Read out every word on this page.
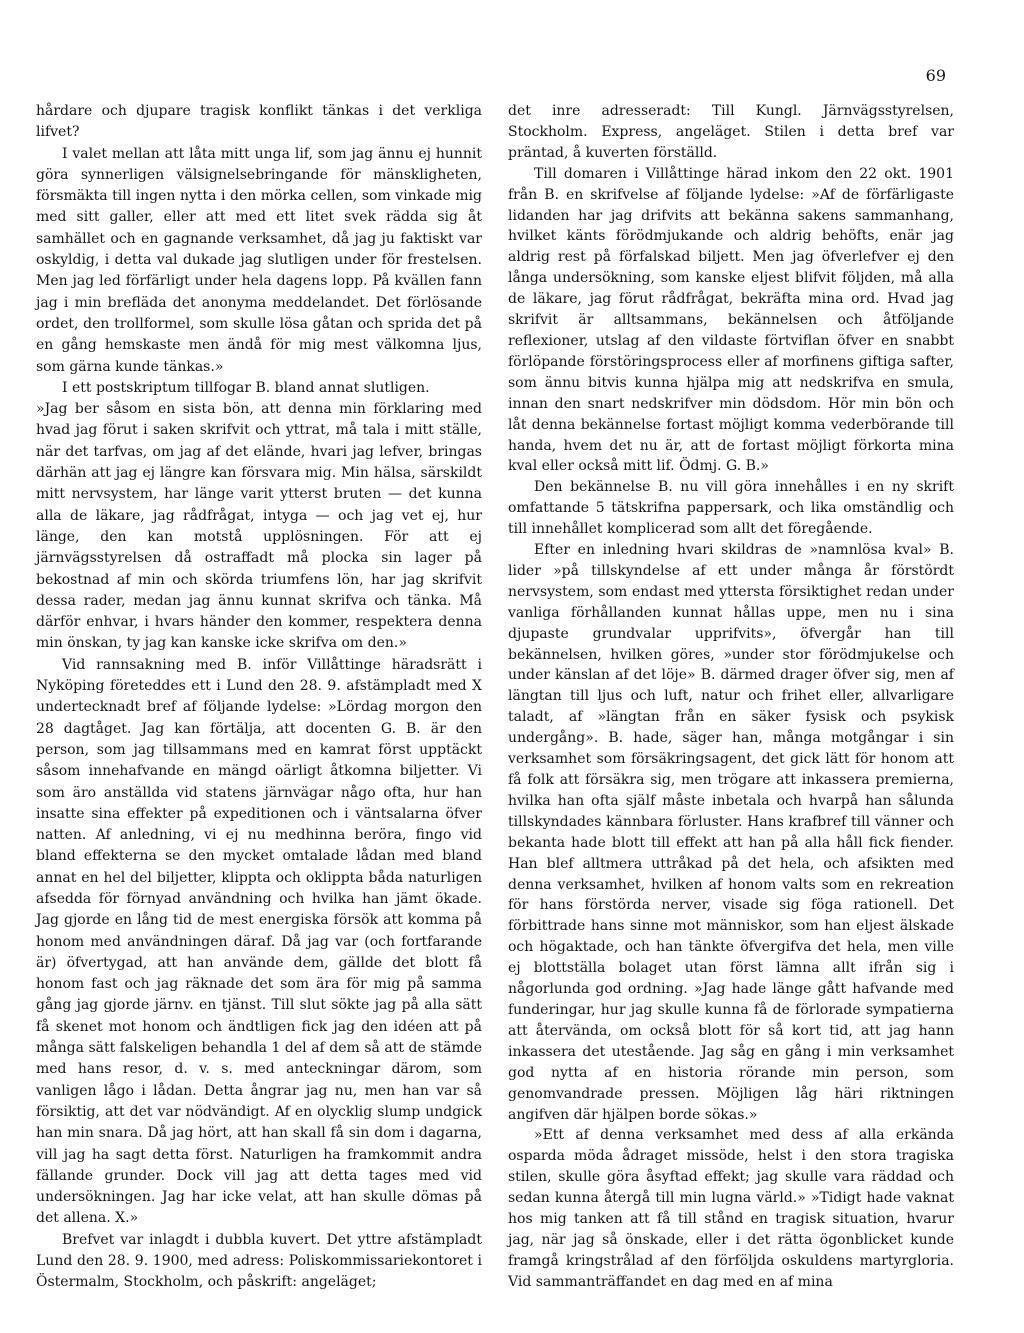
69

hårdare och djupare tragisk konflikt tänkas i det verkliga lifvet?

I valet mellan att låta mitt unga lif, som jag ännu ej hunnit göra synnerligen välsignelsebringande för mänskligheten, försmäkta till ingen nytta i den mörka cellen, som vinkade mig med sitt galler, eller att med ett litet svek rädda sig åt samhället och en gagnande verksamhet, då jag ju faktiskt var oskyldig, i detta val dukade jag slutligen under för frestelsen. Men jag led förfärligt under hela dagens lopp. På kvällen fann jag i min brefläda det anonyma meddelandet. Det förlösande ordet, den trollformel, som skulle lösa gåtan och sprida det på en gång hemskaste men ändå för mig mest välkomna ljus, som gärna kunde tänkas.»

I ett postskriptum tillfogar B. bland annat slutligen.

»Jag ber såsom en sista bön, att denna min förklaring med hvad jag förut i saken skrifvit och yttrat, må tala i mitt ställe, när det tarfvas, om jag af det elände, hvari jag lefver, bringas därhän att jag ej längre kan försvara mig. Min hälsa, särskildt mitt nervsystem, har länge varit ytterst bruten — det kunna alla de läkare, jag rådfrågat, intyga — och jag vet ej, hur länge, den kan motstå upplösningen. För att ej järnvägsstyrelsen då ostraffadt må plocka sin lager på bekostnad af min och skörda triumfens lön, har jag skrifvit dessa rader, medan jag ännu kunnat skrifva och tänka. Må därför enhvar, i hvars händer den kommer, respektera denna min önskan, ty jag kan kanske icke skrifva om den.»

Vid rannsakning med B. inför Villåttinge häradsrätt i Nyköping företeddes ett i Lund den 28. 9. afstämpladt med X undertecknadt bref af följande lydelse: »Lördag morgon den 28 dagtåget. Jag kan förtälja, att docenten G. B. är den person, som jag tillsammans med en kamrat först upptäckt såsom innehafvande en mängd oärligt åtkomna biljetter. Vi som äro anställda vid statens järnvägar någo ofta, hur han insatte sina effekter på expeditionen och i väntsalarna öfver natten. Af anledning, vi ej nu medhinna beröra, fingo vid bland effekterna se den mycket omtalade lådan med bland annat en hel del biljetter, klippta och oklippta båda naturligen afsedda för förnyad användning och hvilka han jämt ökade. Jag gjorde en lång tid de mest energiska försök att komma på honom med användningen däraf. Då jag var (och fortfarande är) öfvertygad, att han använde dem, gällde det blott få honom fast och jag räknade det som ära för mig på samma gång jag gjorde järnv. en tjänst. Till slut sökte jag på alla sätt få skenet mot honom och ändtligen fick jag den idéen att på många sätt falskeligen behandla 1 del af dem så att de stämde med hans resor, d. v. s. med anteckningar därom, som vanligen lågo i lådan. Detta ångrar jag nu, men han var så försiktig, att det var nödvändigt. Af en olycklig slump undgick han min snara. Då jag hört, att han skall få sin dom i dagarna, vill jag ha sagt detta först. Naturligen ha framkommit andra fällande grunder. Dock vill jag att detta tages med vid undersökningen. Jag har icke velat, att han skulle dömas på det allena. X.»

Brefvet var inlagdt i dubbla kuvert. Det yttre afstämpladt Lund den 28. 9. 1900, med adress: Poliskommissariekontoret i Östermalm, Stockholm, och påskrift: angeläget;

det inre adresseradt: Till Kungl. Järnvägsstyrelsen, Stockholm. Express, angeläget. Stilen i detta bref var präntad, å kuverten förställd.

Till domaren i Villåttinge härad inkom den 22 okt. 1901 från B. en skrifvelse af följande lydelse: »Af de förfärligaste lidanden har jag drifvits att bekänna sakens sammanhang, hvilket känts förödmjukande och aldrig behöfts, enär jag aldrig rest på förfalskad biljett. Men jag öfverlefver ej den långa undersökning, som kanske eljest blifvit följden, må alla de läkare, jag förut rådfrågat, bekräfta mina ord. Hvad jag skrifvit är alltsammans, bekännelsen och åtföljande reflexioner, utslag af den vildaste förtviflan öfver en snabbt förlöpande förstöringsprocess eller af morfinens giftiga safter, som ännu bitvis kunna hjälpa mig att nedskrifva en smula, innan den snart nedskrifver min dödsdom. Hör min bön och låt denna bekännelse fortast möjligt komma vederbörande till handa, hvem det nu är, att de fortast möjligt förkorta mina kval eller också mitt lif. Ödmj. G. B.»

Den bekännelse B. nu vill göra innehålles i en ny skrift omfattande 5 tätskrifna pappersark, och lika omständlig och till innehållet komplicerad som allt det föregående.

Efter en inledning hvari skildras de »namnlösa kval» B. lider »på tillskyndelse af ett under många år förstördt nervsystem, som endast med yttersta försiktighet redan under vanliga förhållanden kunnat hållas uppe, men nu i sina djupaste grundvalar upprifvits», öfvergår han till bekännelsen, hvilken göres, »under stor förödmjukelse och under känslan af det löje» B. därmed drager öfver sig, men af längtan till ljus och luft, natur och frihet eller, allvarligare taladt, af »längtan från en säker fysisk och psykisk undergång». B. hade, säger han, många motgångar i sin verksamhet som försäkringsagent, det gick lätt för honom att få folk att försäkra sig, men trögare att inkassera premierna, hvilka han ofta själf måste inbetala och hvarpå han sålunda tillskyndades kännbara förluster. Hans krafbref till vänner och bekanta hade blott till effekt att han på alla håll fick fiender. Han blef alltmera uttråkad på det hela, och afsikten med denna verksamhet, hvilken af honom valts som en rekreation för hans förstörda nerver, visade sig föga rationell. Det förbittrade hans sinne mot människor, som han eljest älskade och högaktade, och han tänkte öfvergifva det hela, men ville ej blottställa bolaget utan först lämna allt ifrån sig i någorlunda god ordning. »Jag hade länge gått hafvande med funderingar, hur jag skulle kunna få de förlorade sympatierna att återvända, om också blott för så kort tid, att jag hann inkassera det utestående. Jag såg en gång i min verksamhet god nytta af en historia rörande min person, som genomvandrade pressen. Möjligen låg häri riktningen angifven där hjälpen borde sökas.»

»Ett af denna verksamhet med dess af alla erkända osparda möda ådraget missöde, helst i den stora tragiska stilen, skulle göra åsyftad effekt; jag skulle vara räddad och sedan kunna återgå till min lugna värld.» »Tidigt hade vaknat hos mig tanken att få till stånd en tragisk situation, hvarur jag, när jag så önskade, eller i det rätta ögonblicket kunde framgå kringstrålad af den förföljda oskuldens martyrgloria. Vid sammanträffandet en dag med en af mina
